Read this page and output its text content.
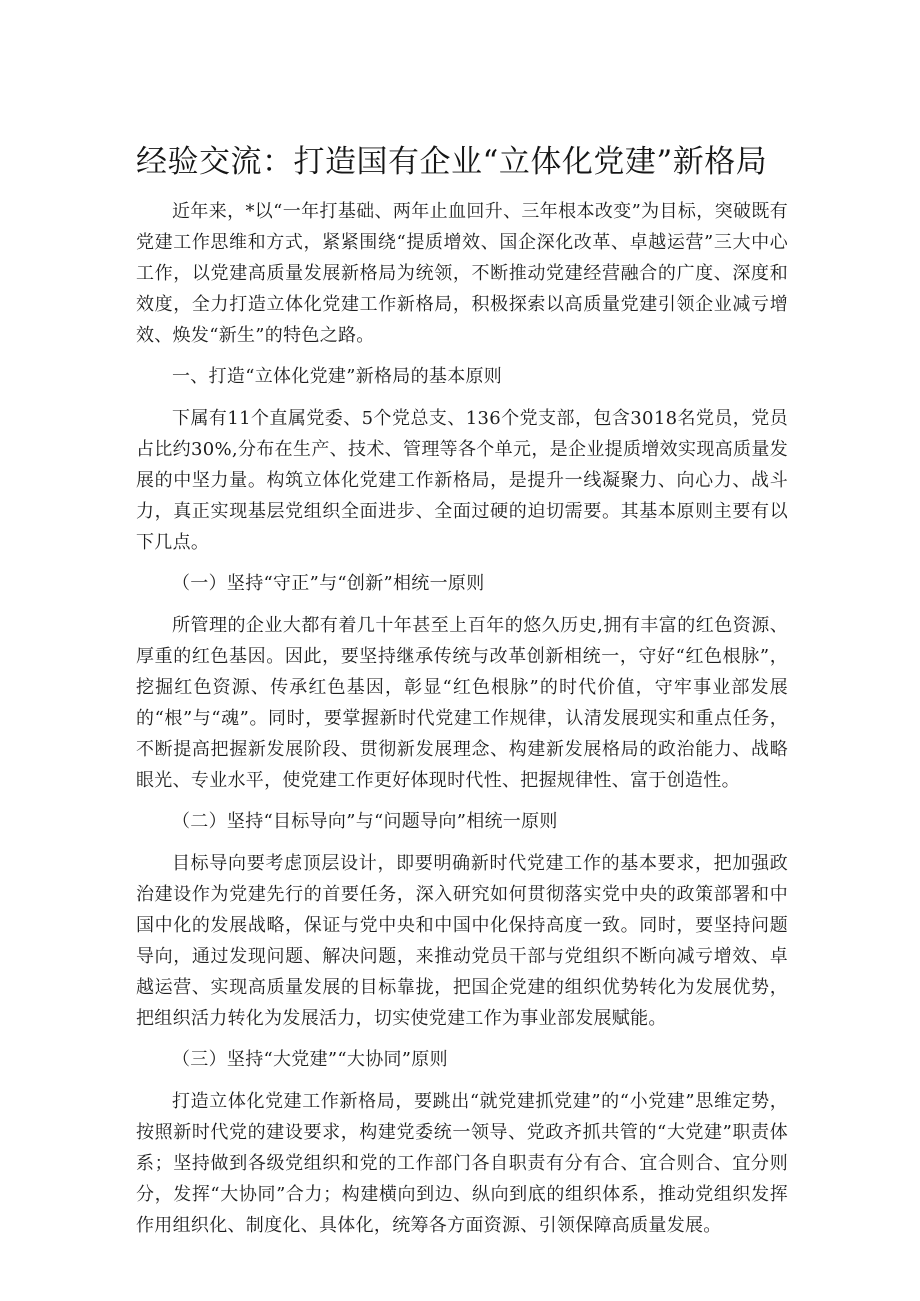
经验交流：打造国有企业“立体化党建”新格局

近年来，*以“一年打基础、两年止血回升、三年根本改变”为目标，突破既有党建工作思维和方式，紧紧围绕“提质增效、国企深化改革、卓越运营”三大中心工作，以党建高质量发展新格局为统领，不断推动党建经营融合的广度、深度和效度，全力打造立体化党建工作新格局，积极探索以高质量党建引领企业减亏增效、焕发“新生”的特色之路。

一、打造“立体化党建”新格局的基本原则

下属有11个直属党委、5个党总支、136个党支部，包含3018名党员，党员占比约30%,分布在生产、技术、管理等各个单元，是企业提质增效实现高质量发展的中坚力量。构筑立体化党建工作新格局，是提升一线凝聚力、向心力、战斗力，真正实现基层党组织全面进步、全面过硬的迫切需要。其基本原则主要有以下几点。

（一）坚持“守正”与“创新”相统一原则

所管理的企业大都有着几十年甚至上百年的悠久历史,拥有丰富的红色资源、厚重的红色基因。因此，要坚持继承传统与改革创新相统一，守好“红色根脉”，挖掘红色资源、传承红色基因，彰显“红色根脉”的时代价值，守牢事业部发展的“根”与“魂”。同时，要掌握新时代党建工作规律，认清发展现实和重点任务，不断提高把握新发展阶段、贯彻新发展理念、构建新发展格局的政治能力、战略眼光、专业水平，使党建工作更好体现时代性、把握规律性、富于创造性。

（二）坚持“目标导向”与“问题导向”相统一原则

目标导向要考虑顶层设计，即要明确新时代党建工作的基本要求，把加强政治建设作为党建先行的首要任务，深入研究如何贯彻落实党中央的政策部署和中国中化的发展战略，保证与党中央和中国中化保持高度一致。同时，要坚持问题导向，通过发现问题、解决问题，来推动党员干部与党组织不断向减亏增效、卓越运营、实现高质量发展的目标靠拢，把国企党建的组织优势转化为发展优势，把组织活力转化为发展活力，切实使党建工作为事业部发展赋能。

（三）坚持“大党建”“大协同”原则

打造立体化党建工作新格局，要跳出“就党建抓党建”的“小党建”思维定势，按照新时代党的建设要求，构建党委统一领导、党政齐抓共管的“大党建”职责体系；坚持做到各级党组织和党的工作部门各自职责有分有合、宜合则合、宜分则分，发挥“大协同”合力；构建横向到边、纵向到底的组织体系，推动党组织发挥作用组织化、制度化、具体化，统筹各方面资源、引领保障高质量发展。
